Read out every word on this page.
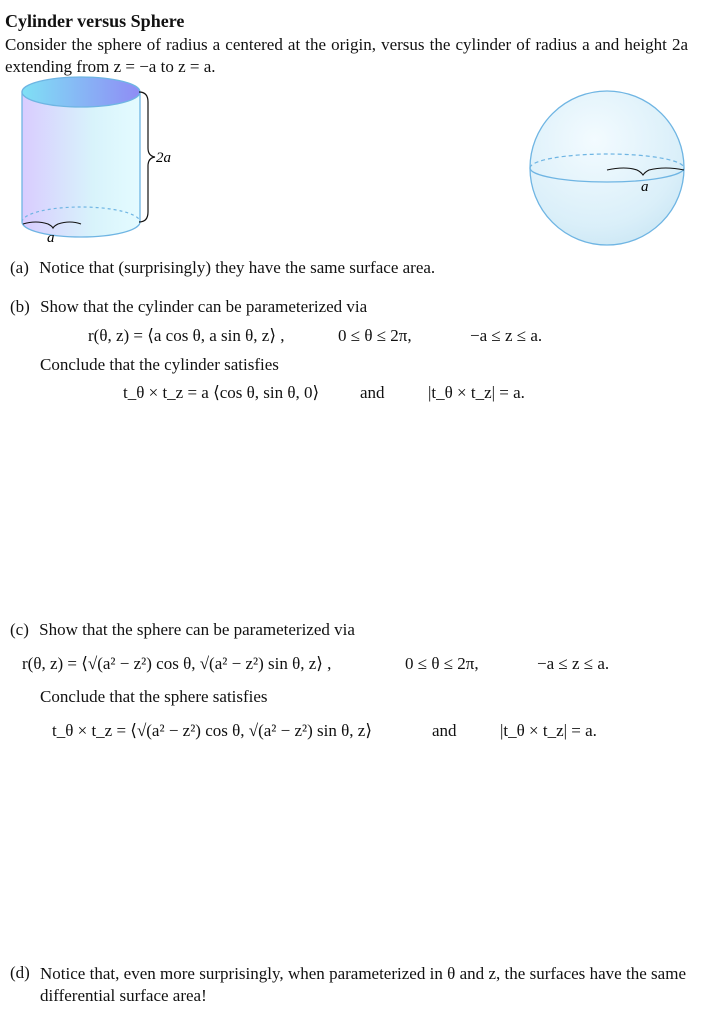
Cylinder versus Sphere
Consider the sphere of radius a centered at the origin, versus the cylinder of radius a and height 2a extending from z = −a to z = a.
2a
a
a
(a) Notice that (surprisingly) they have the same surface area.
(b) Show that the cylinder can be parameterized via
r(θ, z) = ⟨a cos θ, a sin θ, z⟩ ,	0 ≤ θ ≤ 2π,	−a ≤ z ≤ a.
Conclude that the cylinder satisfies
t_θ × t_z = a ⟨cos θ, sin θ, 0⟩ and	|t_θ × t_z| = a.
(c) Show that the sphere can be parameterized via
r(θ, z) = ⟨√(a² − z²) cos θ, √(a² − z²) sin θ, z⟩ ,	0 ≤ θ ≤ 2π,	−a ≤ z ≤ a.
Conclude that the sphere satisfies
t_θ × t_z = ⟨√(a² − z²) cos θ, √(a² − z²) sin θ, z⟩	and	|t_θ × t_z| = a.
(d) Notice that, even more surprisingly, when parameterized in θ and z, the surfaces have the same differential surface area!
